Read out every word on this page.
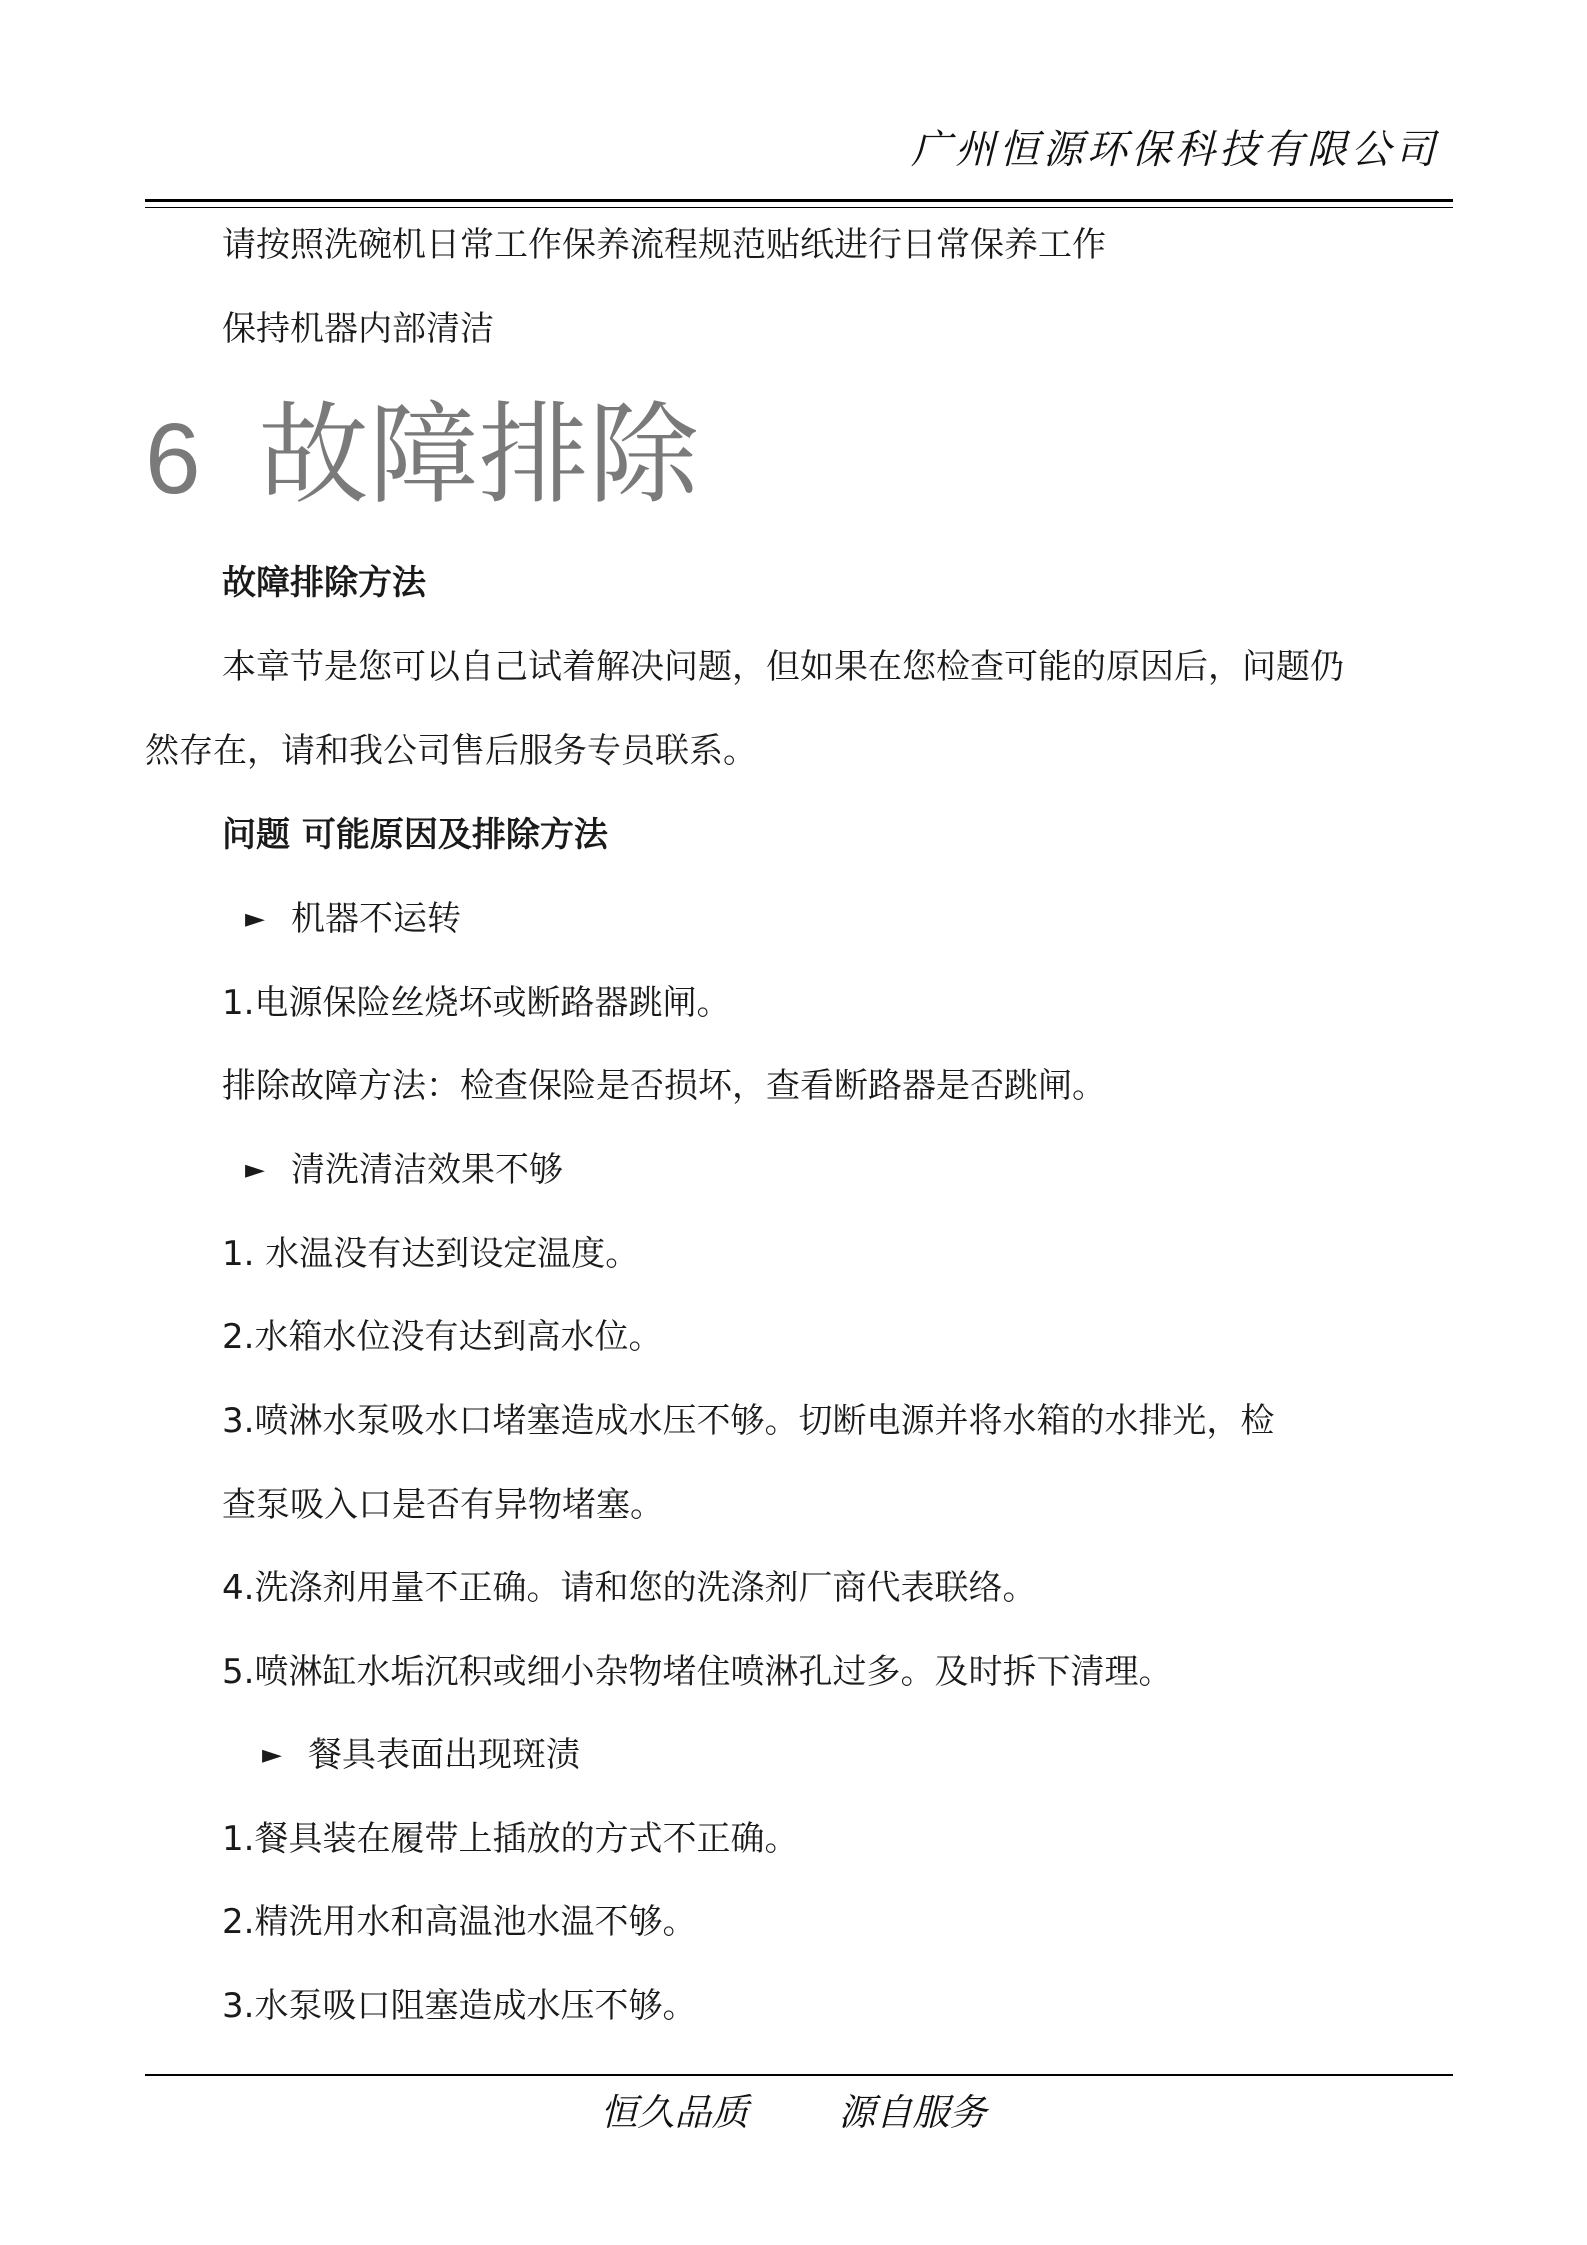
广州恒源环保科技有限公司
请按照洗碗机日常工作保养流程规范贴纸进行日常保养工作
保持机器内部清洁
6 故障排除
故障排除方法
本章节是您可以自己试着解决问题，但如果在您检查可能的原因后，问题仍
然存在，请和我公司售后服务专员联系。
问题 可能原因及排除方法
► 机器不运转
1.电源保险丝烧坏或断路器跳闸。
排除故障方法：检查保险是否损坏，查看断路器是否跳闸。
► 清洗清洁效果不够
1. 水温没有达到设定温度。
2.水箱水位没有达到高水位。
3.喷淋水泵吸水口堵塞造成水压不够。切断电源并将水箱的水排光，检
查泵吸入口是否有异物堵塞。
4.洗涤剂用量不正确。请和您的洗涤剂厂商代表联络。
5.喷淋缸水垢沉积或细小杂物堵住喷淋孔过多。及时拆下清理。
► 餐具表面出现斑渍
1.餐具装在履带上插放的方式不正确。
2.精洗用水和高温池水温不够。
3.水泵吸口阻塞造成水压不够。
恒久品质 源自服务
